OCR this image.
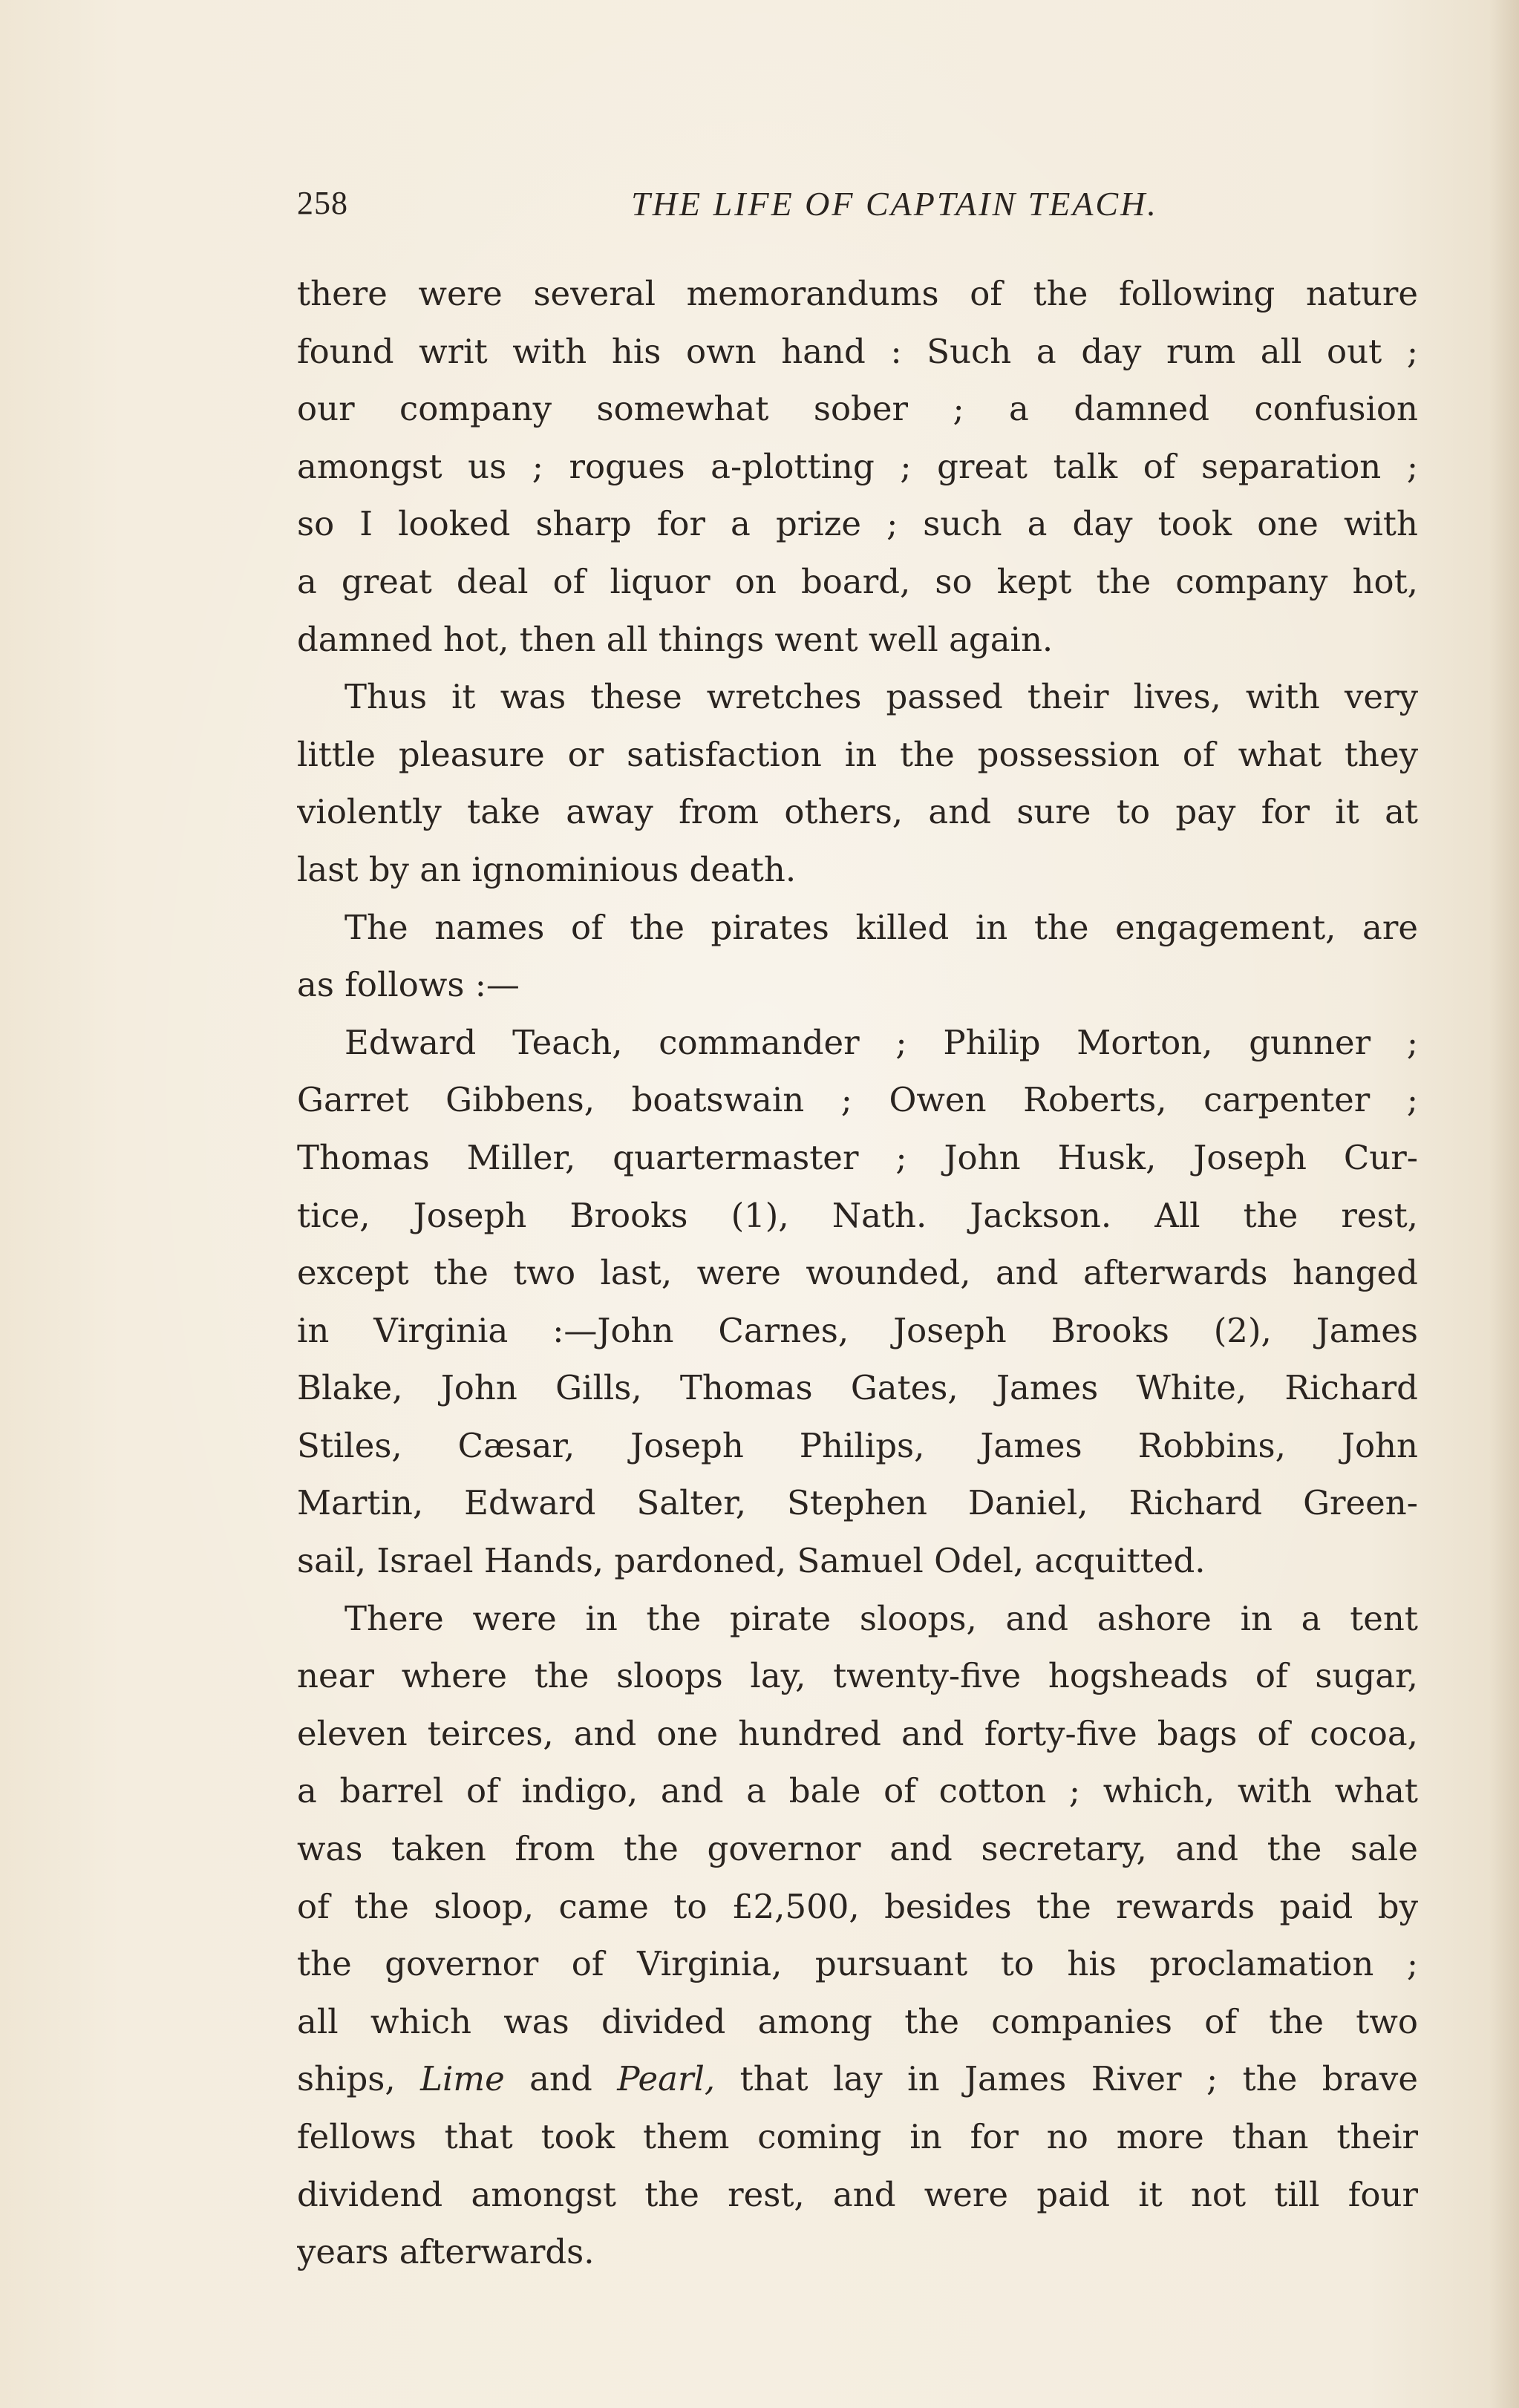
258	THE LIFE OF CAPTAIN TEACH.
there were several memorandums of the following nature
found writ with his own hand : Such a day rum all out ;
our company somewhat sober ; a damned confusion
amongst us ; rogues a-plotting ; great talk of separation ;
so I looked sharp for a prize ; such a day took one with
a great deal of liquor on board, so kept the company hot,
damned hot, then all things went well again.
Thus it was these wretches passed their lives, with very
little pleasure or satisfaction in the possession of what they
violently take away from others, and sure to pay for it at
last by an ignominious death.
The names of the pirates killed in the engagement, are
as follows :—
Edward Teach, commander ; Philip Morton, gunner ;
Garret Gibbens, boatswain ; Owen Roberts, carpenter ;
Thomas Miller, quartermaster ; John Husk, Joseph Cur-
tice, Joseph Brooks (1), Nath. Jackson. All the rest,
except the two last, were wounded, and afterwards hanged
in Virginia :—John Carnes, Joseph Brooks (2), James
Blake, John Gills, Thomas Gates, James White, Richard
Stiles, Cæsar, Joseph Philips, James Robbins, John
Martin, Edward Salter, Stephen Daniel, Richard Green-
sail, Israel Hands, pardoned, Samuel Odel, acquitted.
There were in the pirate sloops, and ashore in a tent
near where the sloops lay, twenty-five hogsheads of sugar,
eleven teirces, and one hundred and forty-five bags of cocoa,
a barrel of indigo, and a bale of cotton ; which, with what
was taken from the governor and secretary, and the sale
of the sloop, came to £2,500, besides the rewards paid by
the governor of Virginia, pursuant to his proclamation ;
all which was divided among the companies of the two
ships, Lime and Pearl, that lay in James River ; the brave
fellows that took them coming in for no more than their
dividend amongst the rest, and were paid it not till four
years afterwards.
